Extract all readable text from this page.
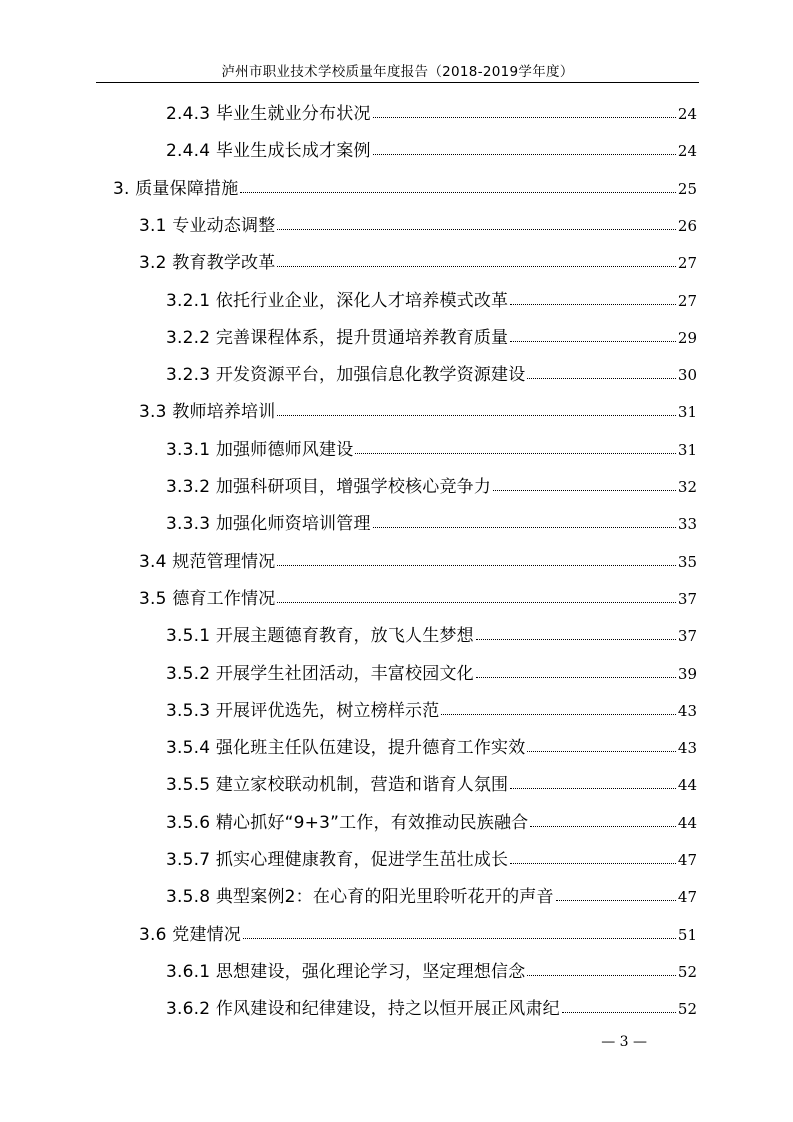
泸州市职业技术学校质量年度报告（2018-2019学年度）
2.4.3 毕业生就业分布状况	24
2.4.4 毕业生成长成才案例	24
3. 质量保障措施	25
3.1 专业动态调整	26
3.2 教育教学改革	27
3.2.1 依托行业企业，深化人才培养模式改革	27
3.2.2 完善课程体系，提升贯通培养教育质量	29
3.2.3 开发资源平台，加强信息化教学资源建设	30
3.3 教师培养培训	31
3.3.1 加强师德师风建设	31
3.3.2 加强科研项目，增强学校核心竞争力	32
3.3.3 加强化师资培训管理	33
3.4 规范管理情况	35
3.5 德育工作情况	37
3.5.1 开展主题德育教育，放飞人生梦想	37
3.5.2 开展学生社团活动，丰富校园文化	39
3.5.3 开展评优选先，树立榜样示范	43
3.5.4 强化班主任队伍建设，提升德育工作实效	43
3.5.5 建立家校联动机制，营造和谐育人氛围	44
3.5.6 精心抓好“9+3”工作，有效推动民族融合	44
3.5.7 抓实心理健康教育，促进学生茁壮成长	47
3.5.8 典型案例2：在心育的阳光里聆听花开的声音	47
3.6 党建情况	51
3.6.1 思想建设，强化理论学习，坚定理想信念	52
3.6.2 作风建设和纪律建设，持之以恒开展正风肃纪	52
— 3 —
